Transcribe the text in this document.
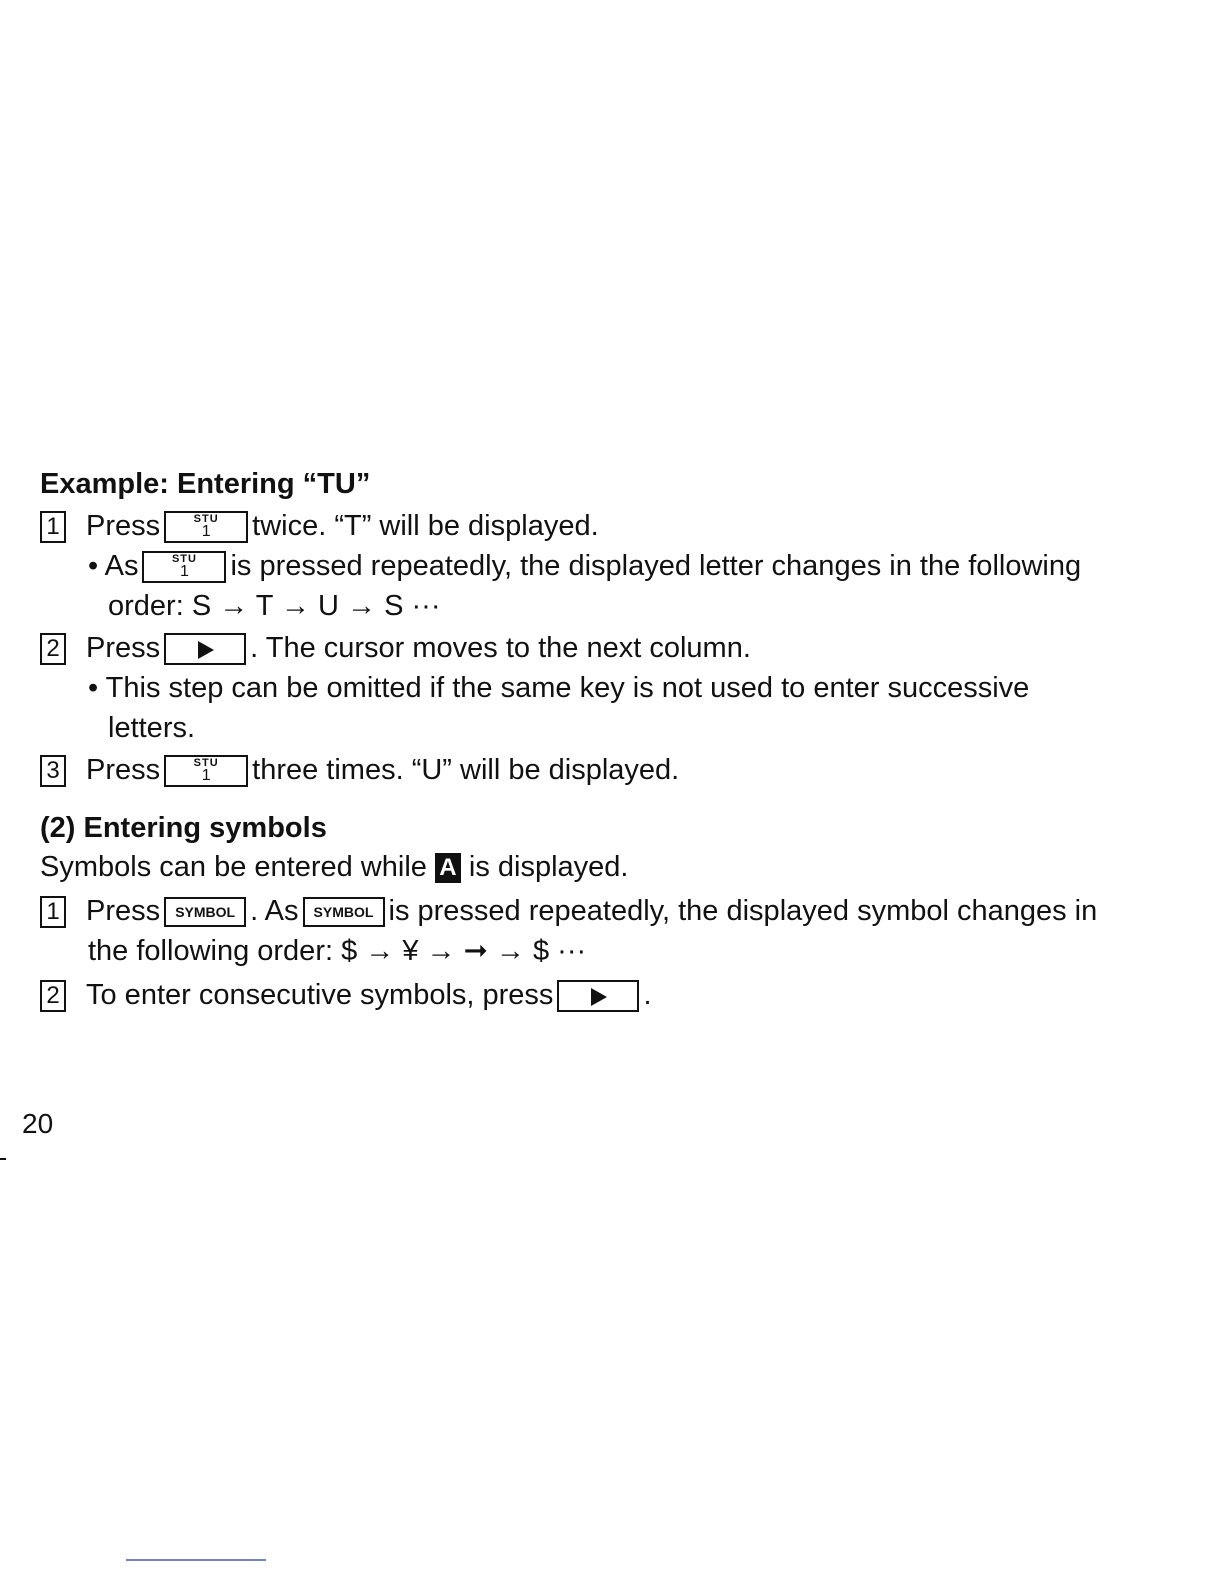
Example: Entering “TU”
1 Press	STU
1	twice. “T” will be displayed.
• As	STU
1	is pressed repeatedly, the displayed letter changes in the following
order: S → T → U → S ···
2 Press	. The cursor moves to the next column.
• This step can be omitted if the same key is not used to enter successive
letters.
3 Press	STU
1	three times. “U” will be displayed.
(2) Entering symbols
Symbols can be entered while A is displayed.
1 Press SYMBOL . As SYMBOL is pressed repeatedly, the displayed symbol changes in
the following order: $ → ¥ → ➞ → $ ···
2 To enter consecutive symbols, press	.
20
